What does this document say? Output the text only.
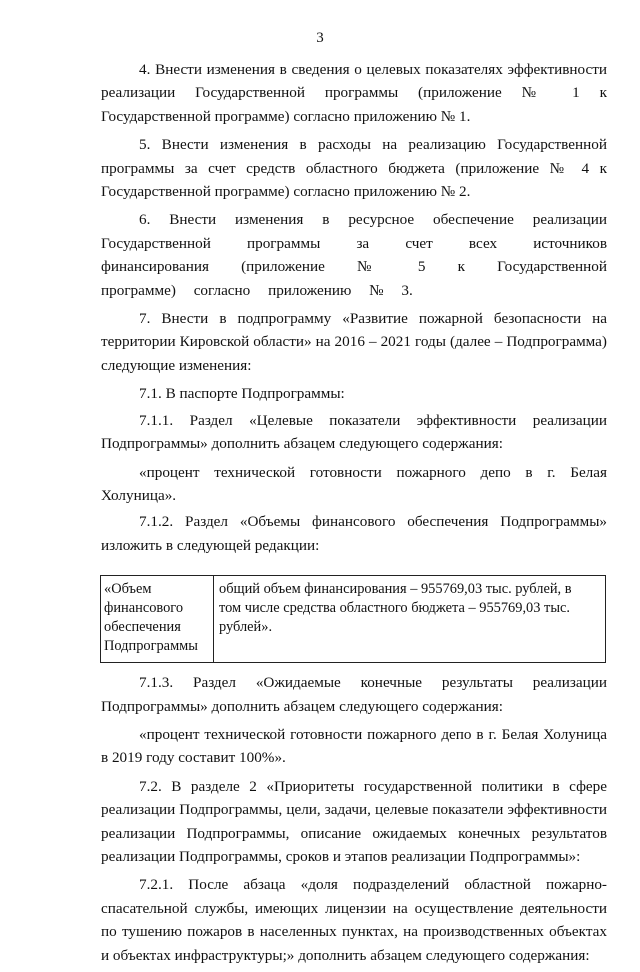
3

4. Внести изменения в сведения о целевых показателях эффективности реализации Государственной программы (приложение № 1 к Государственной программе) согласно приложению № 1.

5. Внести изменения в расходы на реализацию Государственной программы за счет средств областного бюджета (приложение № 4 к Государственной программе) согласно приложению № 2.

6. Внести изменения в ресурсное обеспечение реализации Государственной программы за счет всех источников финансирования (приложение № 5 к Государственной программе) согласно приложению № 3.

7. Внести в подпрограмму «Развитие пожарной безопасности на территории Кировской области» на 2016 – 2021 годы (далее – Подпрограмма) следующие изменения:

7.1. В паспорте Подпрограммы:

7.1.1. Раздел «Целевые показатели эффективности реализации Подпрограммы» дополнить абзацем следующего содержания:

«процент технической готовности пожарного депо в г. Белая Холуница».

7.1.2. Раздел «Объемы финансового обеспечения Подпрограммы» изложить в следующей редакции:

«Объем финансового обеспечения Подпрограммы	общий объем финансирования – 955769,03 тыс. рублей, в том числе средства областного бюджета – 955769,03 тыс. рублей».

7.1.3. Раздел «Ожидаемые конечные результаты реализации Подпрограммы» дополнить абзацем следующего содержания:

«процент технической готовности пожарного депо в г. Белая Холуница в 2019 году составит 100%».

7.2. В разделе 2 «Приоритеты государственной политики в сфере реализации Подпрограммы, цели, задачи, целевые показатели эффективности реализации Подпрограммы, описание ожидаемых конечных результатов реализации Подпрограммы, сроков и этапов реализации Подпрограммы»:

7.2.1. После абзаца «доля подразделений областной пожарно-спасательной службы, имеющих лицензии на осуществление деятельности по тушению пожаров в населенных пунктах, на производственных объектах и объектах инфраструктуры;» дополнить абзацем следующего содержания:
